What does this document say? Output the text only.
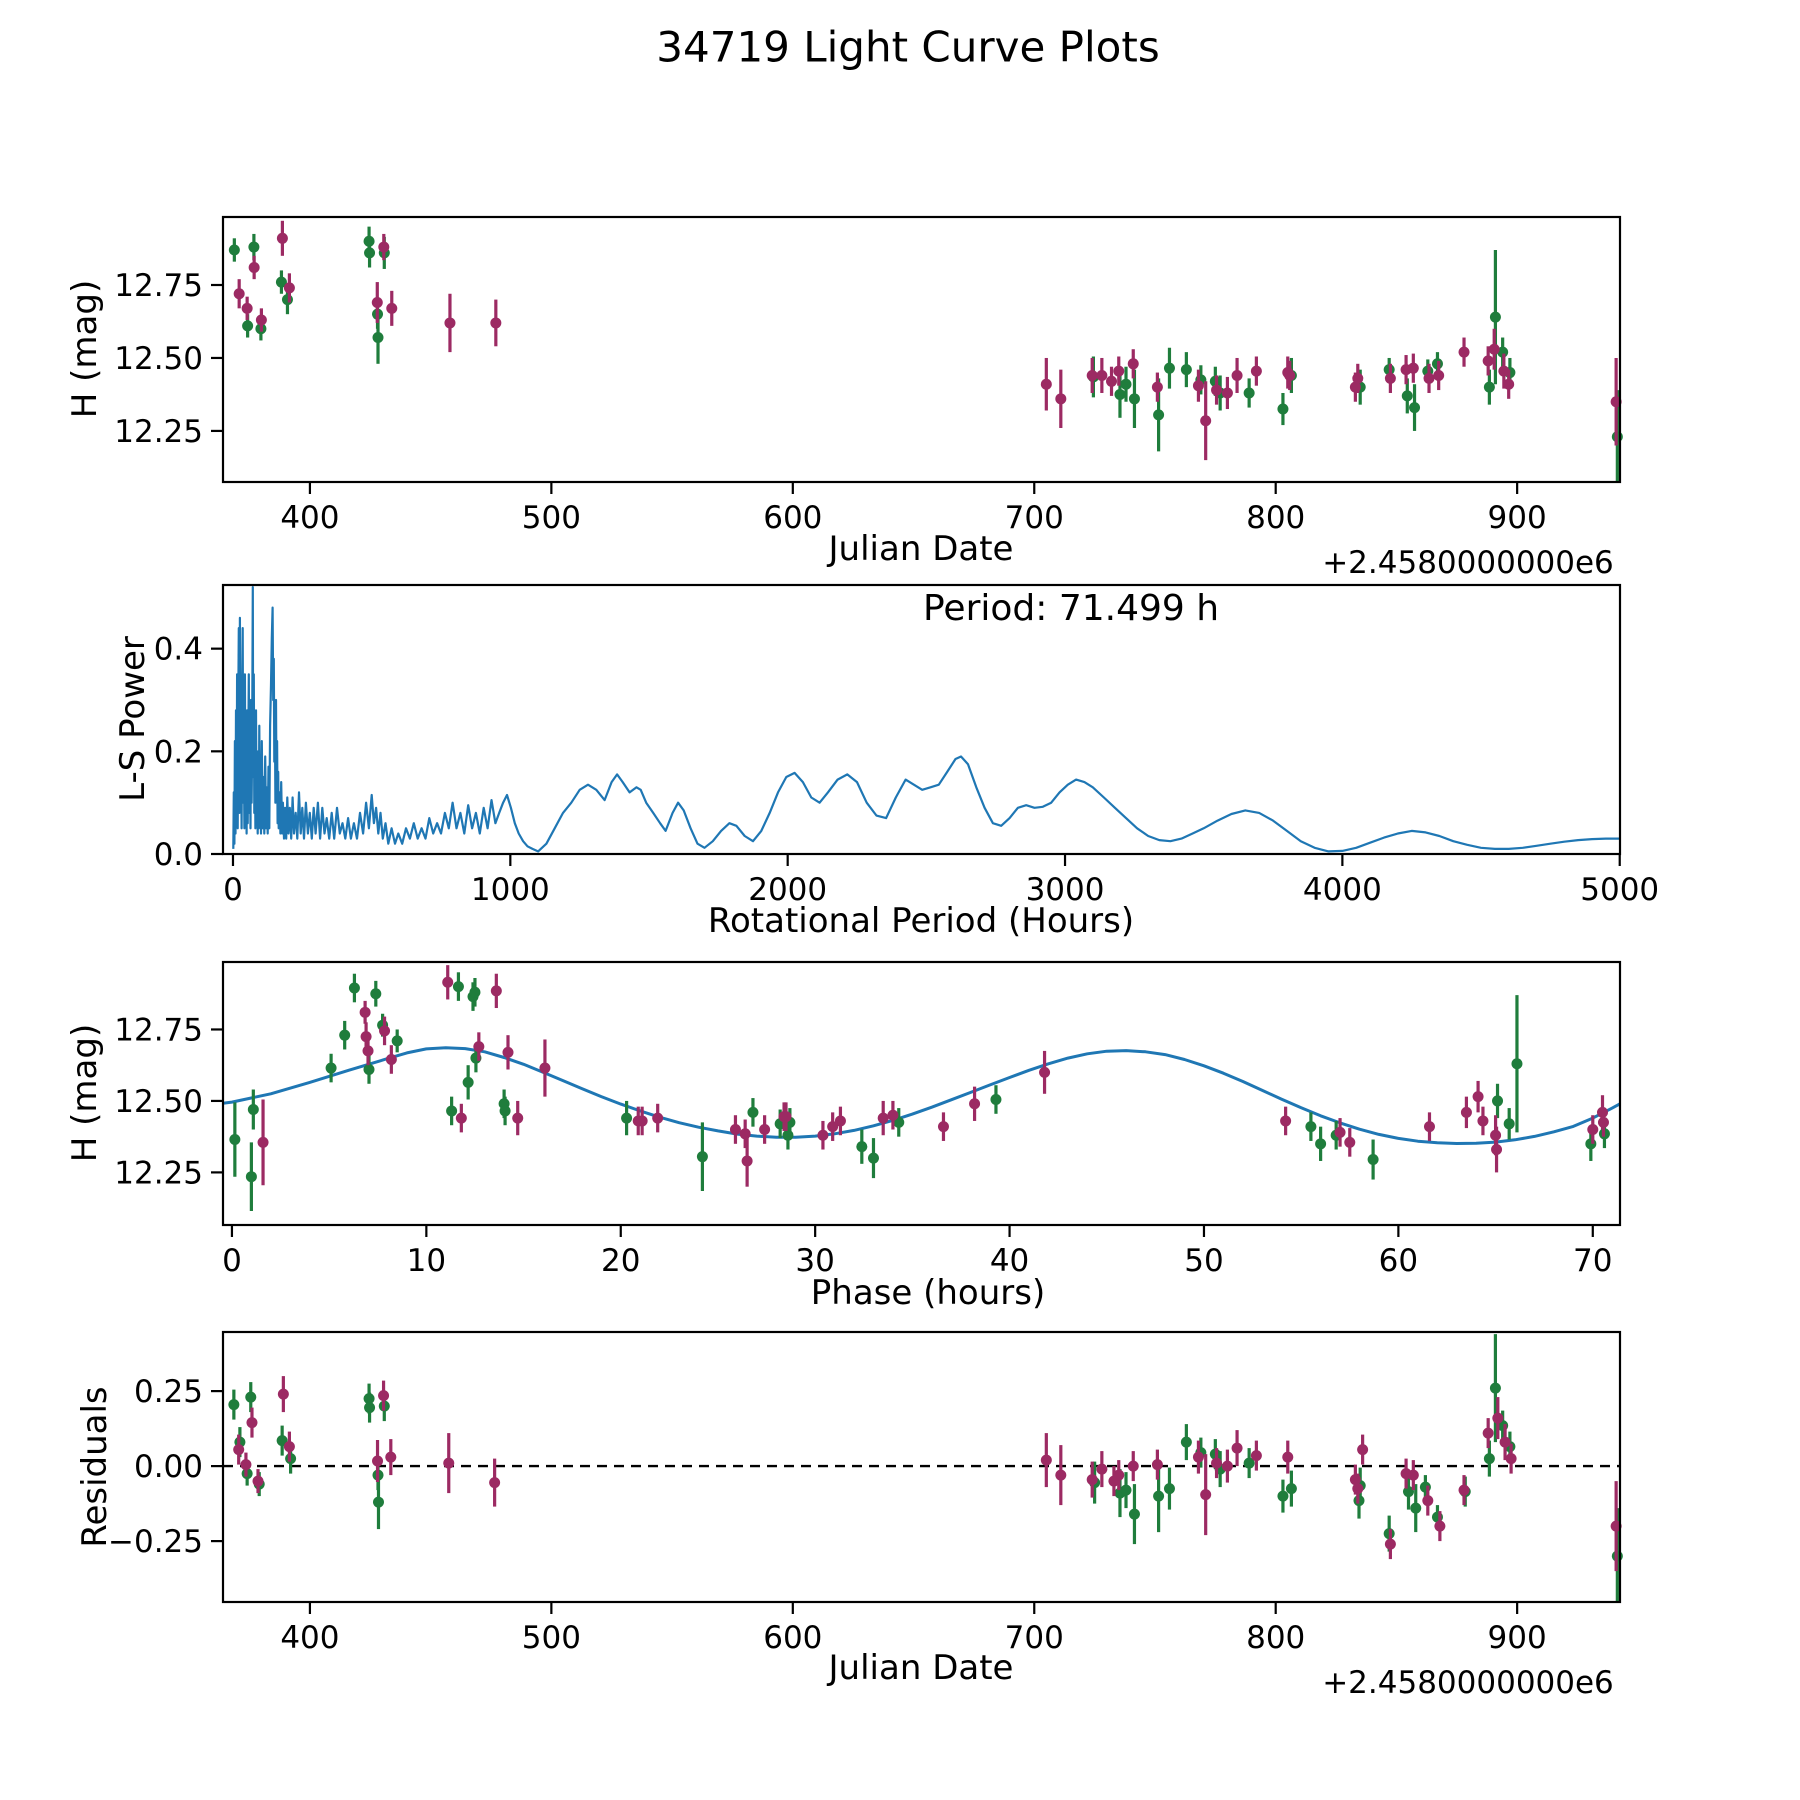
400	500	600	700	800	900
12.25
12.50
12.75
0	1000	2000	3000	4000	5000
0.0
0.2
0.4
0	10	20	30	40	50	60	70
12.25
12.50
12.75
400	500	600	700	800	900
−0.25
0.00
0.25
34719 Light Curve Plots
H (mag)
Julian Date	+2.4580000000e6
L-S Power
Period: 71.499 h
Rotational Period (Hours)
H (mag)
Phase (hours)
Residuals
Julian Date	+2.4580000000e6
